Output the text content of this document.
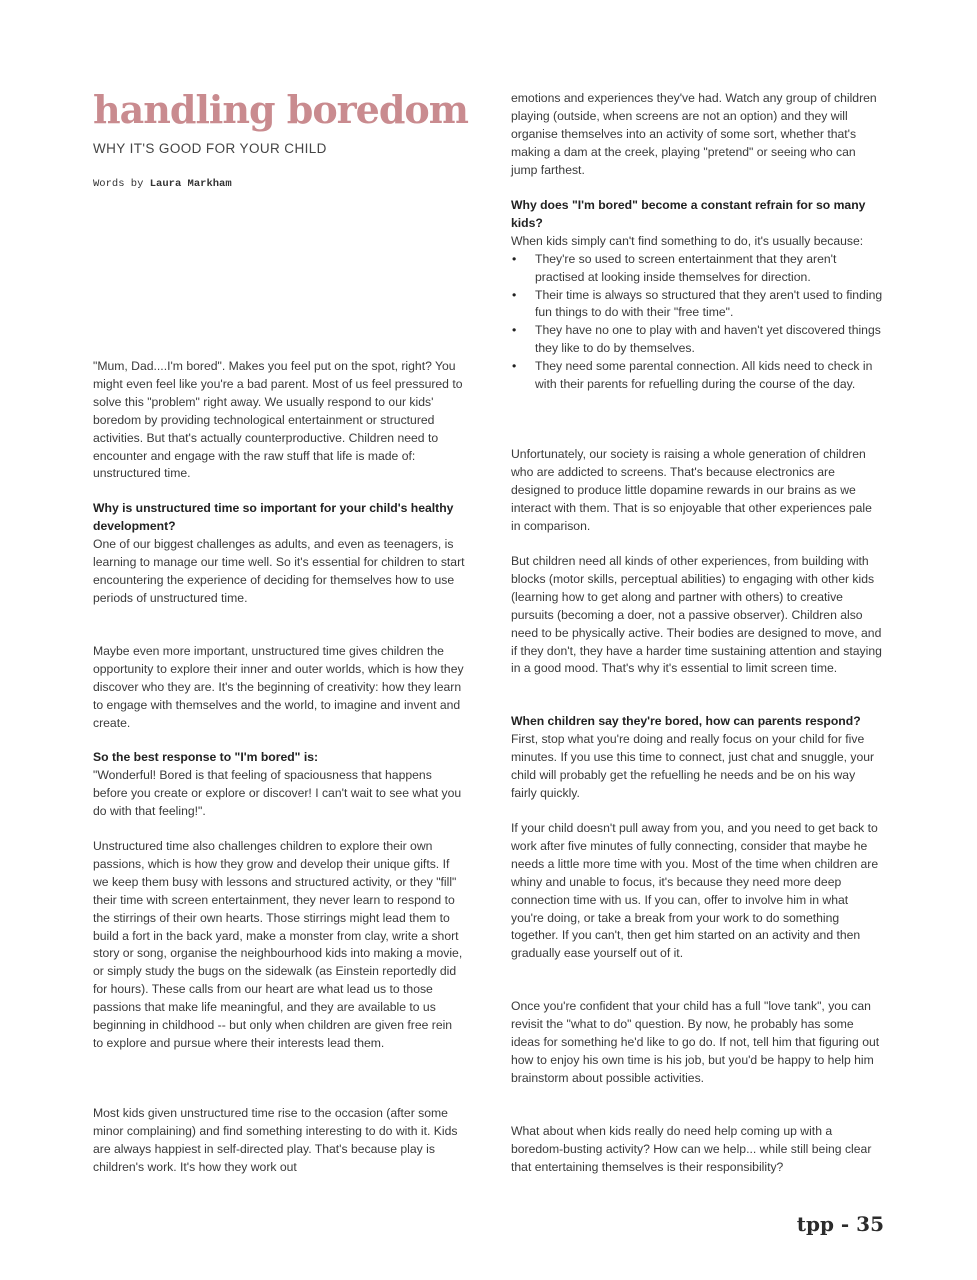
handling boredom
WHY IT'S GOOD FOR YOUR CHILD
Words by Laura Markham

"Mum, Dad....I'm bored". Makes you feel put on the spot, right? You might even feel like you're a bad parent. Most of us feel pressured to solve this "problem" right away. We usually respond to our kids' boredom by providing technological entertainment or structured activities. But that's actually counterproductive. Children need to encounter and engage with the raw stuff that life is made of: unstructured time.

Why is unstructured time so important for your child's healthy development?

One of our biggest challenges as adults, and even as teenagers, is learning to manage our time well. So it's essential for children to start encountering the experience of deciding for themselves how to use periods of unstructured time.

Maybe even more important, unstructured time gives children the opportunity to explore their inner and outer worlds, which is how they discover who they are. It's the beginning of creativity: how they learn to engage with themselves and the world, to imagine and invent and create.

So the best response to "I'm bored" is:

"Wonderful! Bored is that feeling of spaciousness that happens before you create or explore or discover! I can't wait to see what you do with that feeling!".

Unstructured time also challenges children to explore their own passions, which is how they grow and develop their unique gifts. If we keep them busy with lessons and structured activity, or they "fill" their time with screen entertainment, they never learn to respond to the stirrings of their own hearts. Those stirrings might lead them to build a fort in the back yard, make a monster from clay, write a short story or song, organise the neighbourhood kids into making a movie, or simply study the bugs on the sidewalk (as Einstein reportedly did for hours). These calls from our heart are what lead us to those passions that make life meaningful, and they are available to us beginning in childhood -- but only when children are given free rein to explore and pursue where their interests lead them.

Most kids given unstructured time rise to the occasion (after some minor complaining) and find something interesting to do with it. Kids are always happiest in self-directed play. That's because play is children's work. It's how they work out

emotions and experiences they've had. Watch any group of children playing (outside, when screens are not an option) and they will organise themselves into an activity of some sort, whether that's making a dam at the creek, playing "pretend" or seeing who can jump farthest.

Why does "I'm bored" become a constant refrain for so many kids?

When kids simply can't find something to do, it's usually because:

• They're so used to screen entertainment that they aren't practised at looking inside themselves for direction.
• Their time is always so structured that they aren't used to finding fun things to do with their "free time".
• They have no one to play with and haven't yet discovered things they like to do by themselves.
• They need some parental connection. All kids need to check in with their parents for refuelling during the course of the day.

Unfortunately, our society is raising a whole generation of children who are addicted to screens. That's because electronics are designed to produce little dopamine rewards in our brains as we interact with them. That is so enjoyable that other experiences pale in comparison.

But children need all kinds of other experiences, from building with blocks (motor skills, perceptual abilities) to engaging with other kids (learning how to get along and partner with others) to creative pursuits (becoming a doer, not a passive observer). Children also need to be physically active. Their bodies are designed to move, and if they don't, they have a harder time sustaining attention and staying in a good mood. That's why it's essential to limit screen time.

When children say they're bored, how can parents respond?

First, stop what you're doing and really focus on your child for five minutes. If you use this time to connect, just chat and snuggle, your child will probably get the refuelling he needs and be on his way fairly quickly.

If your child doesn't pull away from you, and you need to get back to work after five minutes of fully connecting, consider that maybe he needs a little more time with you. Most of the time when children are whiny and unable to focus, it's because they need more deep connection time with us. If you can, offer to involve him in what you're doing, or take a break from your work to do something together. If you can't, then get him started on an activity and then gradually ease yourself out of it.

Once you're confident that your child has a full "love tank", you can revisit the "what to do" question. By now, he probably has some ideas for something he'd like to go do. If not, tell him that figuring out how to enjoy his own time is his job, but you'd be happy to help him brainstorm about possible activities.

What about when kids really do need help coming up with a boredom-busting activity? How can we help... while still being clear that entertaining themselves is their responsibility?

tpp - 35
